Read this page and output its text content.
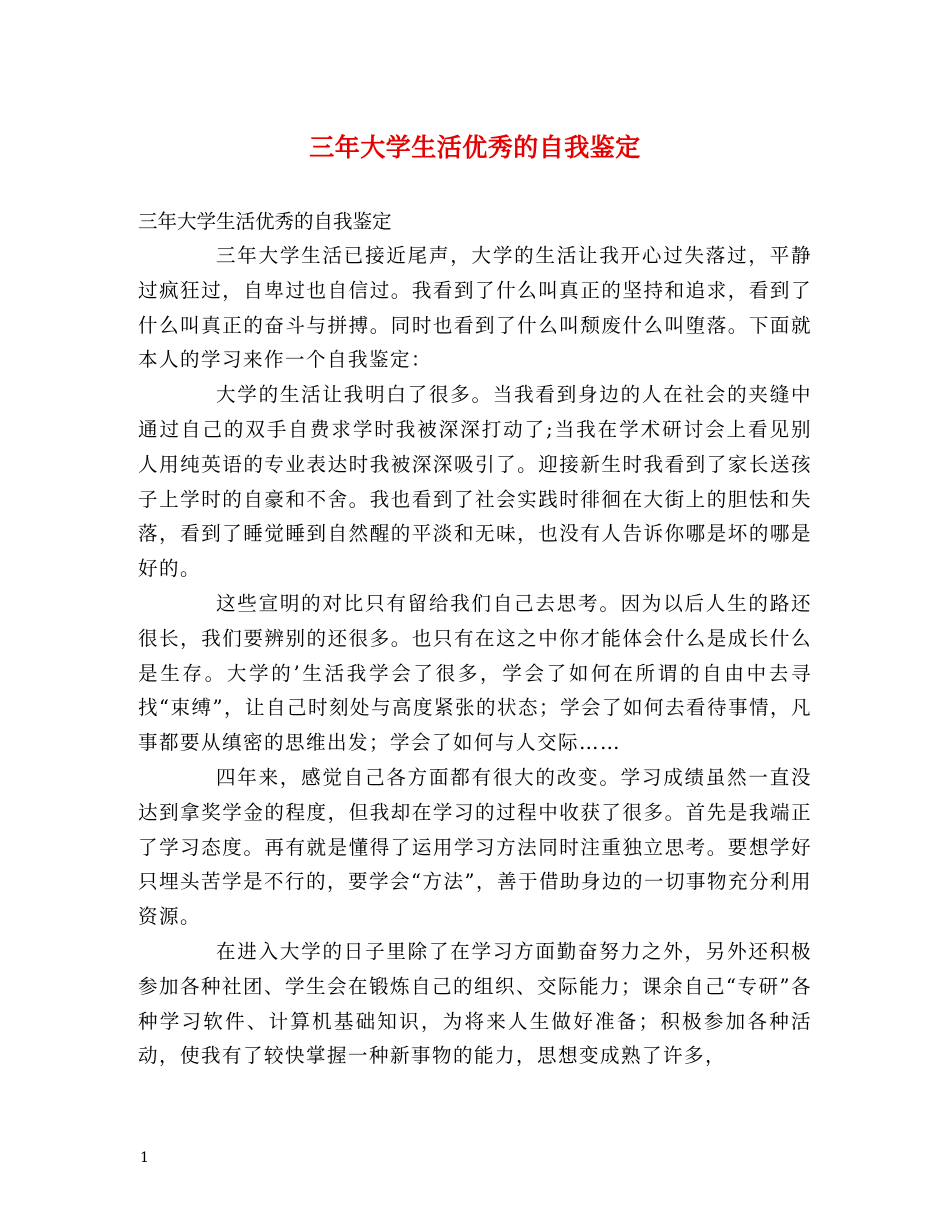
三年大学生活优秀的自我鉴定

三年大学生活优秀的自我鉴定

三年大学生活已接近尾声，大学的生活让我开心过失落过，平静过疯狂过，自卑过也自信过。我看到了什么叫真正的坚持和追求，看到了什么叫真正的奋斗与拼搏。同时也看到了什么叫颓废什么叫堕落。下面就本人的学习来作一个自我鉴定：

大学的生活让我明白了很多。当我看到身边的人在社会的夹缝中通过自己的双手自费求学时我被深深打动了;当我在学术研讨会上看见别人用纯英语的专业表达时我被深深吸引了。迎接新生时我看到了家长送孩子上学时的自豪和不舍。我也看到了社会实践时徘徊在大街上的胆怯和失落，看到了睡觉睡到自然醒的平淡和无味，也没有人告诉你哪是坏的哪是好的。

这些宣明的对比只有留给我们自己去思考。因为以后人生的路还很长，我们要辨别的还很多。也只有在这之中你才能体会什么是成长什么是生存。大学的’生活我学会了很多，学会了如何在所谓的自由中去寻找“束缚”，让自己时刻处与高度紧张的状态；学会了如何去看待事情，凡事都要从缜密的思维出发；学会了如何与人交际……

四年来，感觉自己各方面都有很大的改变。学习成绩虽然一直没达到拿奖学金的程度，但我却在学习的过程中收获了很多。首先是我端正了学习态度。再有就是懂得了运用学习方法同时注重独立思考。要想学好只埋头苦学是不行的，要学会“方法”，善于借助身边的一切事物充分利用资源。

在进入大学的日子里除了在学习方面勤奋努力之外，另外还积极参加各种社团、学生会在锻炼自己的组织、交际能力；课余自己“专研”各种学习软件、计算机基础知识，为将来人生做好准备；积极参加各种活动，使我有了较快掌握一种新事物的能力，思想变成熟了许多，

1
